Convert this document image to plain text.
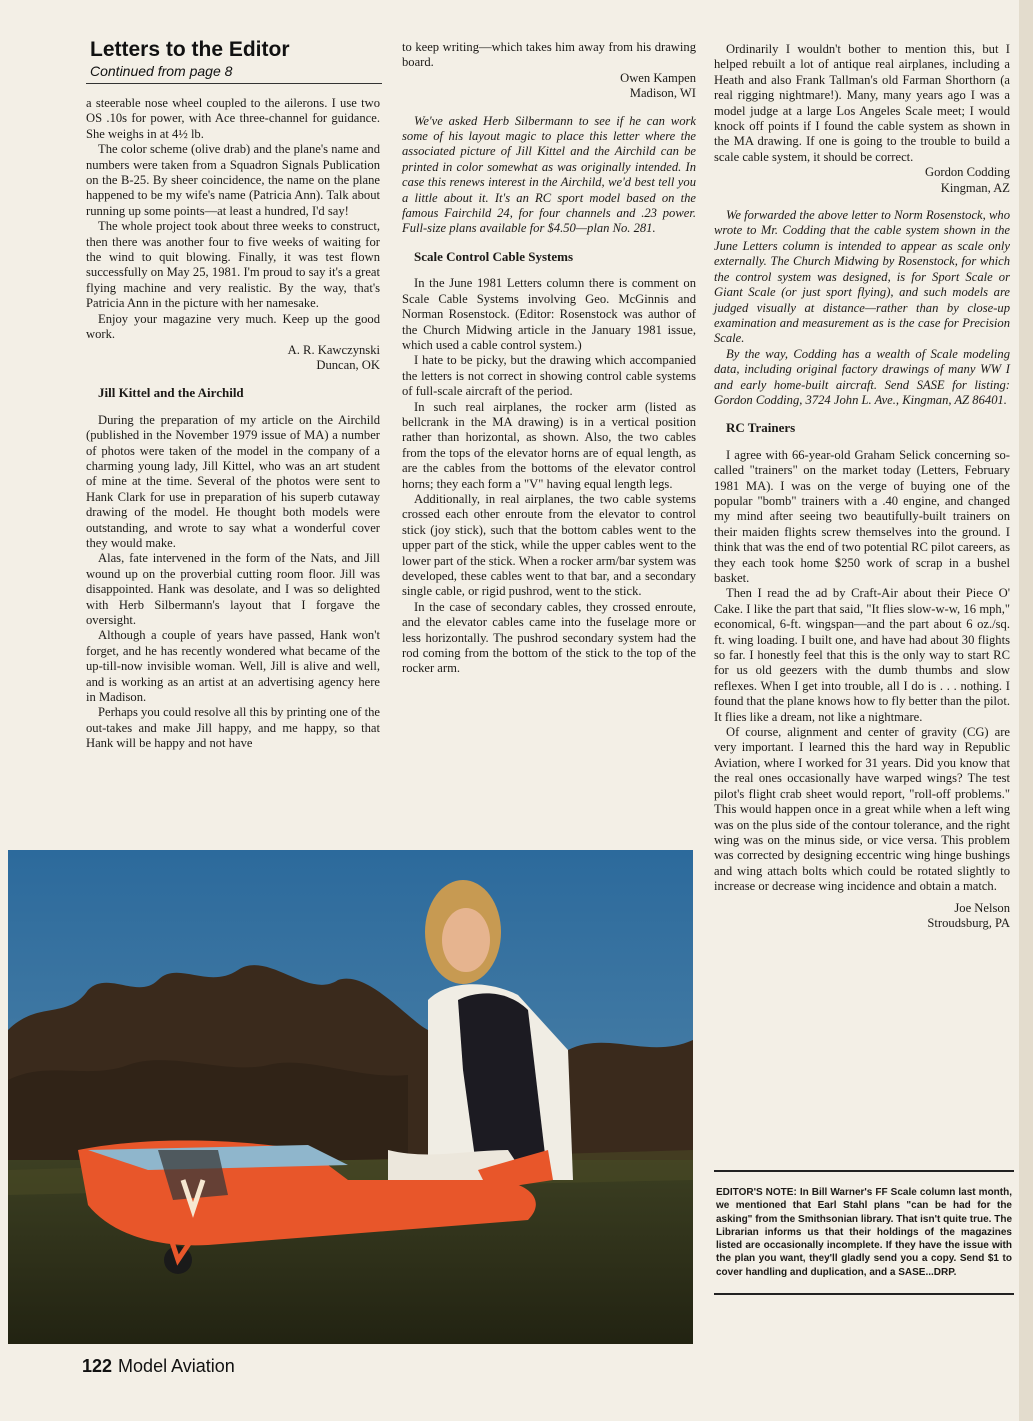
Letters to the Editor
Continued from page 8

a steerable nose wheel coupled to the ailerons. I use two OS .10s for power, with Ace three-channel for guidance. She weighs in at 4½ lb.

The color scheme (olive drab) and the plane's name and numbers were taken from a Squadron Signals Publication on the B-25. By sheer coincidence, the name on the plane happened to be my wife's name (Patricia Ann). Talk about running up some points—at least a hundred, I'd say!

The whole project took about three weeks to construct, then there was another four to five weeks of waiting for the wind to quit blowing. Finally, it was test flown successfully on May 25, 1981. I'm proud to say it's a great flying machine and very realistic. By the way, that's Patricia Ann in the picture with her namesake.

Enjoy your magazine very much. Keep up the good work.

A. R. Kawczynski
Duncan, OK

Jill Kittel and the Airchild

During the preparation of my article on the Airchild (published in the November 1979 issue of MA) a number of photos were taken of the model in the company of a charming young lady, Jill Kittel, who was an art student of mine at the time. Several of the photos were sent to Hank Clark for use in preparation of his superb cutaway drawing of the model. He thought both models were outstanding, and wrote to say what a wonderful cover they would make.

Alas, fate intervened in the form of the Nats, and Jill wound up on the proverbial cutting room floor. Jill was disappointed. Hank was desolate, and I was so delighted with Herb Silbermann's layout that I forgave the oversight.

Although a couple of years have passed, Hank won't forget, and he has recently wondered what became of the up-till-now invisible woman. Well, Jill is alive and well, and is working as an artist at an advertising agency here in Madison.

Perhaps you could resolve all this by printing one of the out-takes and make Jill happy, and me happy, so that Hank will be happy and not have

to keep writing—which takes him away from his drawing board.

Owen Kampen
Madison, WI

We've asked Herb Silbermann to see if he can work some of his layout magic to place this letter where the associated picture of Jill Kittel and the Airchild can be printed in color somewhat as was originally intended. In case this renews interest in the Airchild, we'd best tell you a little about it. It's an RC sport model based on the famous Fairchild 24, for four channels and .23 power. Full-size plans available for $4.50—plan No. 281.

Scale Control Cable Systems

In the June 1981 Letters column there is comment on Scale Cable Systems involving Geo. McGinnis and Norman Rosenstock. (Editor: Rosenstock was author of the Church Midwing article in the January 1981 issue, which used a cable control system.)

I hate to be picky, but the drawing which accompanied the letters is not correct in showing control cable systems of full-scale aircraft of the period.

In such real airplanes, the rocker arm (listed as bellcrank in the MA drawing) is in a vertical position rather than horizontal, as shown. Also, the two cables from the tops of the elevator horns are of equal length, as are the cables from the bottoms of the elevator control horns; they each form a "V" having equal length legs.

Additionally, in real airplanes, the two cable systems crossed each other enroute from the elevator to control stick (joy stick), such that the bottom cables went to the upper part of the stick, while the upper cables went to the lower part of the stick. When a rocker arm/bar system was developed, these cables went to that bar, and a secondary single cable, or rigid pushrod, went to the stick.

In the case of secondary cables, they crossed enroute, and the elevator cables came into the fuselage more or less horizontally. The pushrod secondary system had the rod coming from the bottom of the stick to the top of the rocker arm.

Ordinarily I wouldn't bother to mention this, but I helped rebuilt a lot of antique real airplanes, including a Heath and also Frank Tallman's old Farman Shorthorn (a real rigging nightmare!). Many, many years ago I was a model judge at a large Los Angeles Scale meet; I would knock off points if I found the cable system as shown in the MA drawing. If one is going to the trouble to build a scale cable system, it should be correct.

Gordon Codding
Kingman, AZ

We forwarded the above letter to Norm Rosenstock, who wrote to Mr. Codding that the cable system shown in the June Letters column is intended to appear as scale only externally. The Church Midwing by Rosenstock, for which the control system was designed, is for Sport Scale or Giant Scale (or just sport flying), and such models are judged visually at distance—rather than by close-up examination and measurement as is the case for Precision Scale.

By the way, Codding has a wealth of Scale modeling data, including original factory drawings of many WW I and early home-built aircraft. Send SASE for listing: Gordon Codding, 3724 John L. Ave., Kingman, AZ 86401.

RC Trainers

I agree with 66-year-old Graham Selick concerning so-called "trainers" on the market today (Letters, February 1981 MA). I was on the verge of buying one of the popular "bomb" trainers with a .40 engine, and changed my mind after seeing two beautifully-built trainers on their maiden flights screw themselves into the ground. I think that was the end of two potential RC pilot careers, as they each took home $250 work of scrap in a bushel basket.

Then I read the ad by Craft-Air about their Piece O' Cake. I like the part that said, "It flies slow-w-w, 16 mph," economical, 6-ft. wingspan—and the part about 6 oz./sq. ft. wing loading. I built one, and have had about 30 flights so far. I honestly feel that this is the only way to start RC for us old geezers with the dumb thumbs and slow reflexes. When I get into trouble, all I do is . . . nothing. I found that the plane knows how to fly better than the pilot. It flies like a dream, not like a nightmare.

Of course, alignment and center of gravity (CG) are very important. I learned this the hard way in Republic Aviation, where I worked for 31 years. Did you know that the real ones occasionally have warped wings? The test pilot's flight crab sheet would report, "roll-off problems." This would happen once in a great while when a left wing was on the plus side of the contour tolerance, and the right wing was on the minus side, or vice versa. This problem was corrected by designing eccentric wing hinge bushings and wing attach bolts which could be rotated slightly to increase or decrease wing incidence and obtain a match.

Joe Nelson
Stroudsburg, PA
EDITOR'S NOTE: In Bill Warner's FF Scale column last month, we mentioned that Earl Stahl plans "can be had for the asking" from the Smithsonian library. That isn't quite true. The Librarian informs us that their holdings of the magazines listed are occasionally incomplete. If they have the issue with the plan you want, they'll gladly send you a copy. Send $1 to cover handling and duplication, and a SASE...DRP.
122 Model Aviation
